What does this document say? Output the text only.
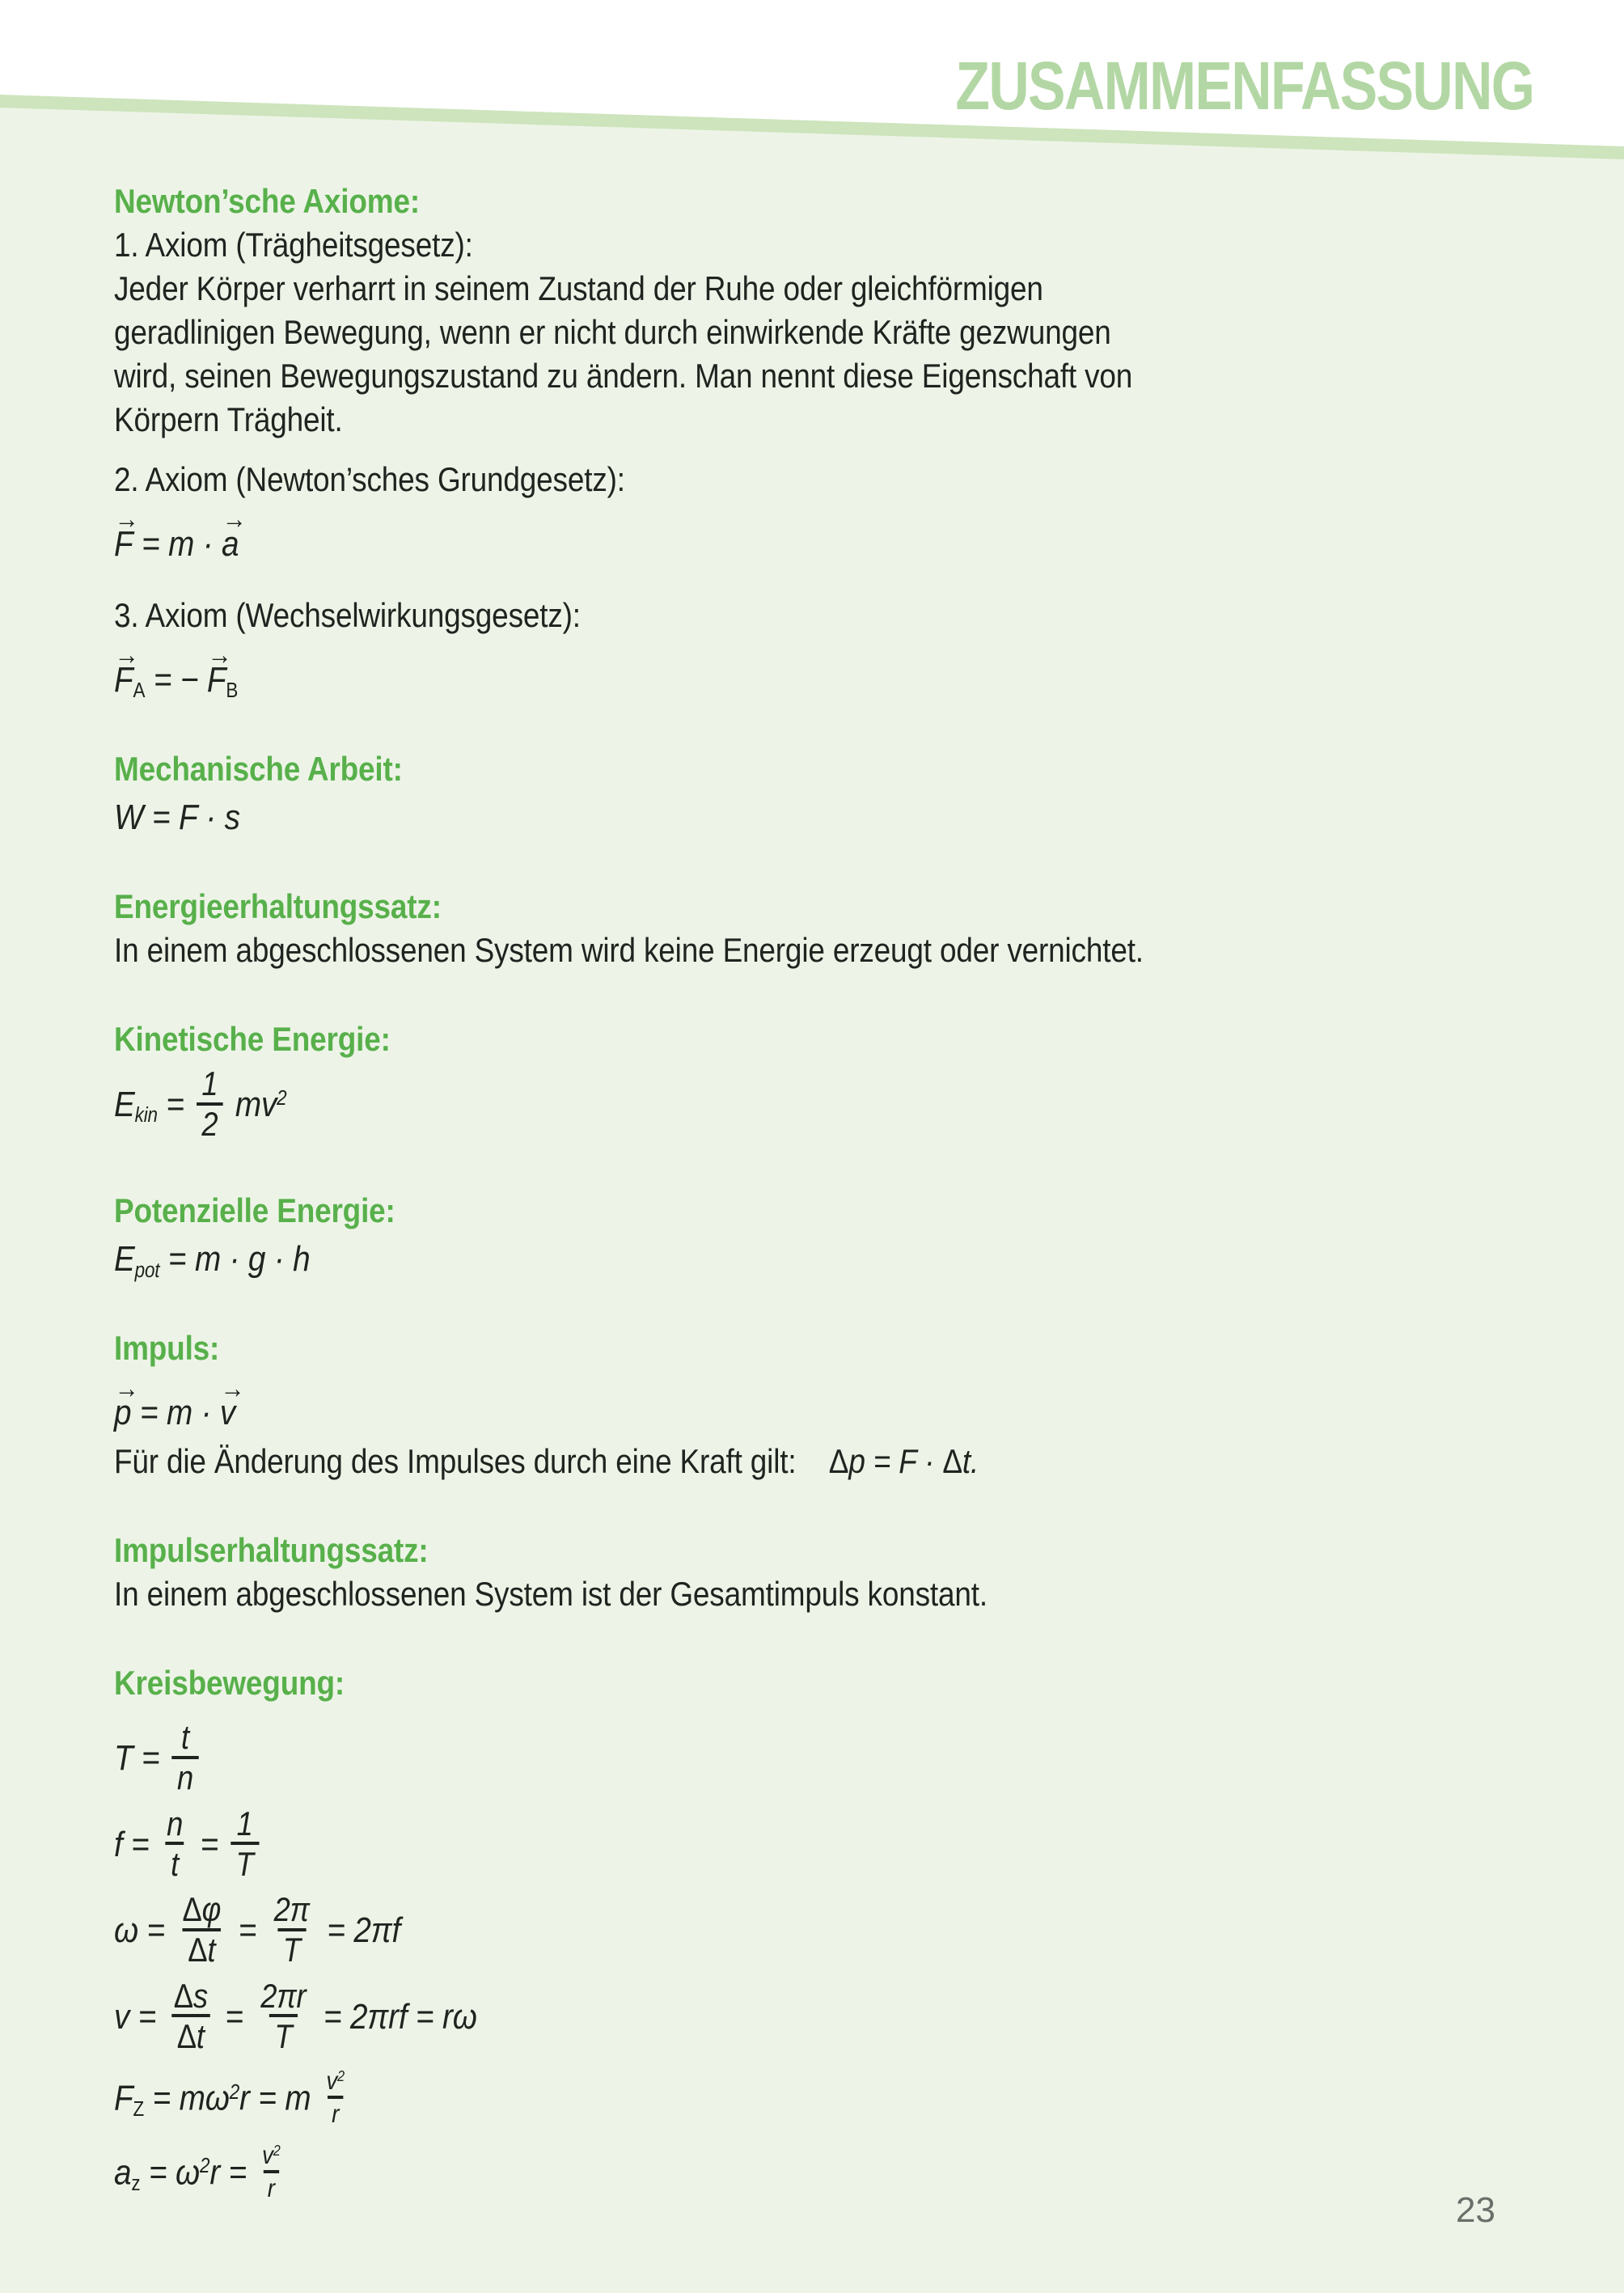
ZUSAMMENFASSUNG
Newton’sche Axiome:
1. Axiom (Trägheitsgesetz):
Jeder Körper verharrt in seinem Zustand der Ruhe oder gleichförmigen
geradlinigen Bewegung, wenn er nicht durch einwirkende Kräfte gezwungen
wird, seinen Bewegungszustand zu ändern. Man nennt diese Eigenschaft von
Körpern Trägheit.
2. Axiom (Newton’sches Grundgesetz):
→
F = m ·
→
a
3. Axiom (Wechselwirkungsgesetz):
→
$F_A$ = −
→
$F_B$
Mechanische Arbeit:
W = F · s
Energieerhaltungssatz:
In einem abgeschlossenen System wird keine Energie erzeugt oder vernichtet.
Kinetische Energie:
$E_{kin} = \frac{1}{2} mv^2$
Potenzielle Energie:
$E_{pot} = m \cdot g \cdot h$
Impuls:
→
p = m ·
→
v
Für die Änderung des Impulses durch eine Kraft gilt:    Δp = F · Δt.
Impulserhaltungssatz:
In einem abgeschlossenen System ist der Gesamtimpuls konstant.
Kreisbewegung:
$T = \frac{t}{n}$
$f = \frac{n}{t} = \frac{1}{T}$
$\omega = \frac{\Delta\varphi}{\Delta t} = \frac{2\pi}{T} = 2\pi f$
$v = \frac{\Delta s}{\Delta t} = \frac{2\pi r}{T} = 2\pi rf = r\omega$
$F_Z = m\omega^2r = m \frac{v^2}{r}$
$a_z = \omega^2r = \frac{v^2}{r}$
23
